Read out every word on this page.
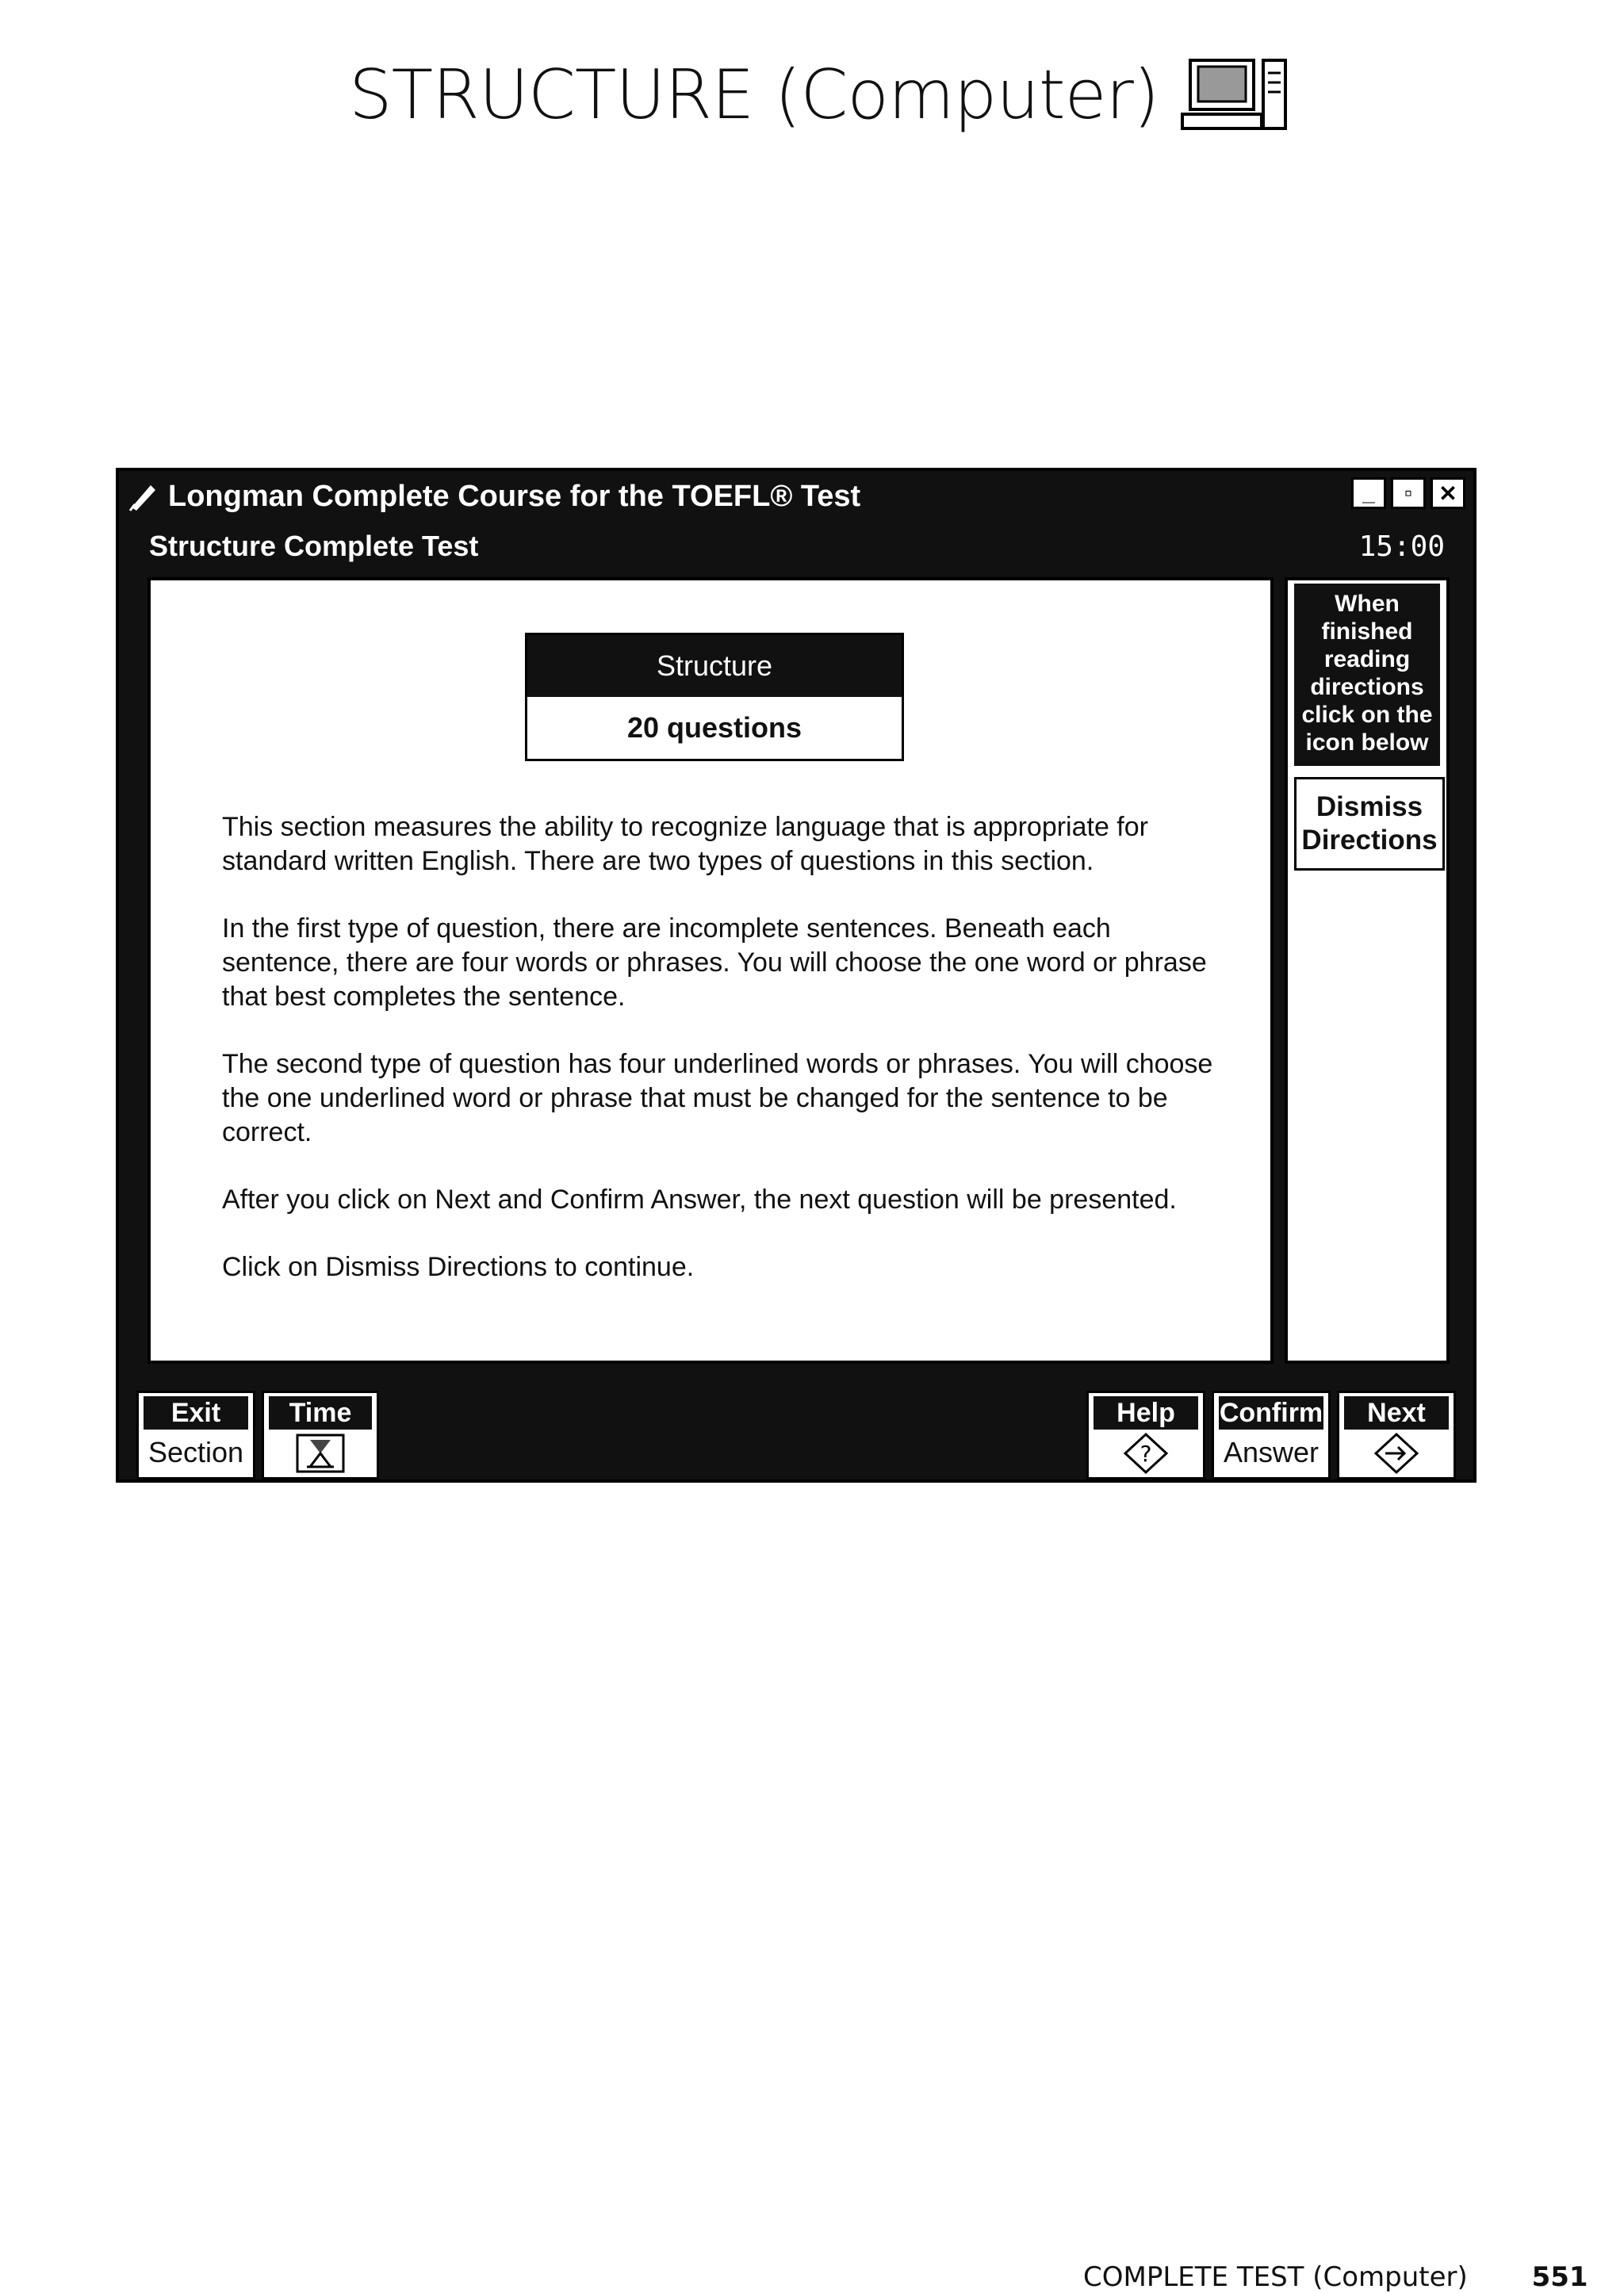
STRUCTURE (Computer)
Longman Complete Course for the TOEFL® Test	_	▫	✕
Structure Complete Test	15:00
Structure
20 questions

This section measures the ability to recognize language that is appropriate for standard written English. There are two types of questions in this section.

In the first type of question, there are incomplete sentences. Beneath each sentence, there are four words or phrases. You will choose the one word or phrase that best completes the sentence.

The second type of question has four underlined words or phrases. You will choose the one underlined word or phrase that must be changed for the sentence to be correct.

After you click on Next and Confirm Answer, the next question will be presented.

Click on Dismiss Directions to continue.

When
finished
reading
directions
click on the
icon below
Dismiss
Directions
Exit
Section
Time	Help
?
Confirm
Answer
Next
COMPLETE TEST (Computer) 551
